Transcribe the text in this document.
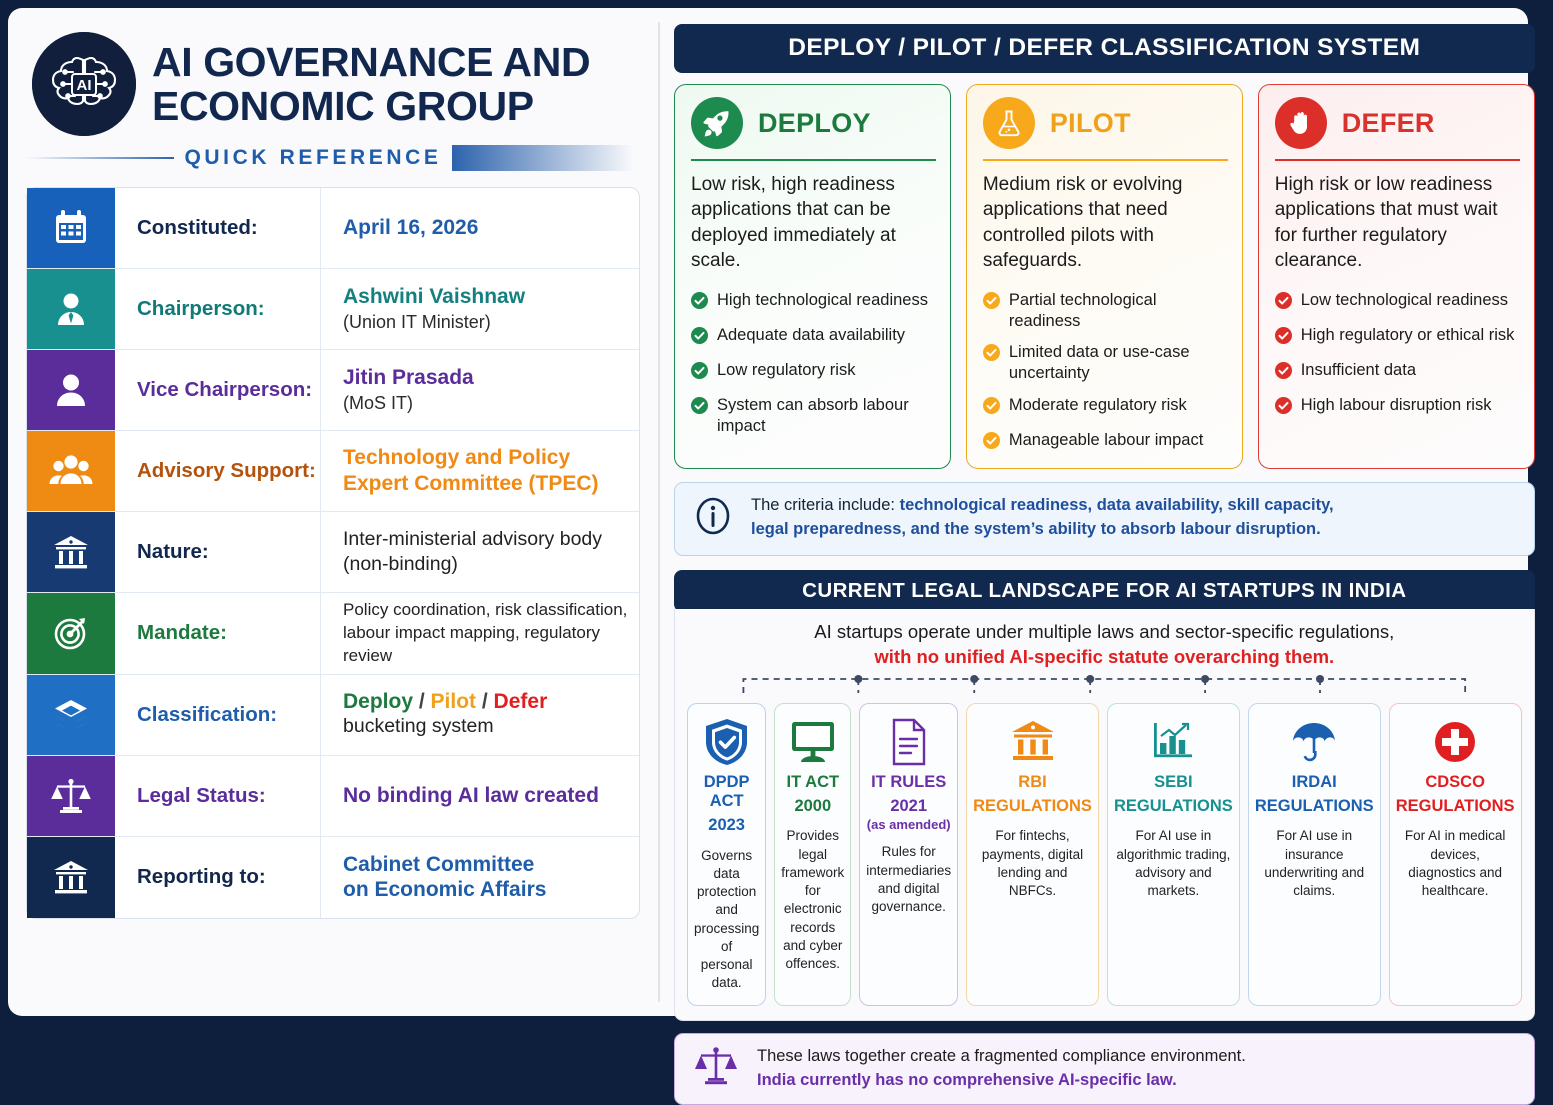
AI
AI GOVERNANCE AND
ECONOMIC GROUP
QUICK REFERENCE
Constituted:	April 16, 2026
Chairperson:
Ashwini Vaishnaw
(Union IT Minister)
Vice Chairperson:
Jitin Prasada
(MoS IT)
Advisory Support:
Technology and Policy
Expert Committee (TPEC)
Nature:
Inter-ministerial advisory body
(non-binding)
Mandate:
Policy coordination, risk classification,
labour impact mapping, regulatory review
Classification:
Deploy / Pilot / Defer
bucketing system
Legal Status:	No binding AI law created
Reporting to:
Cabinet Committee
on Economic Affairs
DEPLOY / PILOT / DEFER CLASSIFICATION SYSTEM
DEPLOY
Low risk, high readiness applications that can be deployed immediately at scale.
High technological readiness
Adequate data availability
Low regulatory risk
System can absorb labour impact
PILOT
Medium risk or evolving applications that need controlled pilots with safeguards.
Partial technological readiness
Limited data or use-case uncertainty
Moderate regulatory risk
Manageable labour impact
DEFER
High risk or low readiness applications that must wait for further regulatory clearance.
Low technological readiness
High regulatory or ethical risk
Insufficient data
High labour disruption risk
The criteria include: technological readiness, data availability, skill capacity,
legal preparedness, and the system’s ability to absorb labour disruption.
CURRENT LEGAL LANDSCAPE FOR AI STARTUPS IN INDIA
AI startups operate under multiple laws and sector-specific regulations,
with no unified AI-specific statute overarching them.
DPDP ACT
2023
Governs data protection and processing of personal data.
IT ACT
2000
Provides legal framework for electronic records and cyber offences.
IT RULES
2021
(as amended)
Rules for intermediaries and digital governance.
RBI
REGULATIONS
For fintechs, payments, digital lending and NBFCs.
SEBI
REGULATIONS
For AI use in algorithmic trading, advisory and markets.
IRDAI
REGULATIONS
For AI use in insurance underwriting and claims.
CDSCO
REGULATIONS
For AI in medical devices, diagnostics and healthcare.
These laws together create a fragmented compliance environment.
India currently has no comprehensive AI-specific law.
